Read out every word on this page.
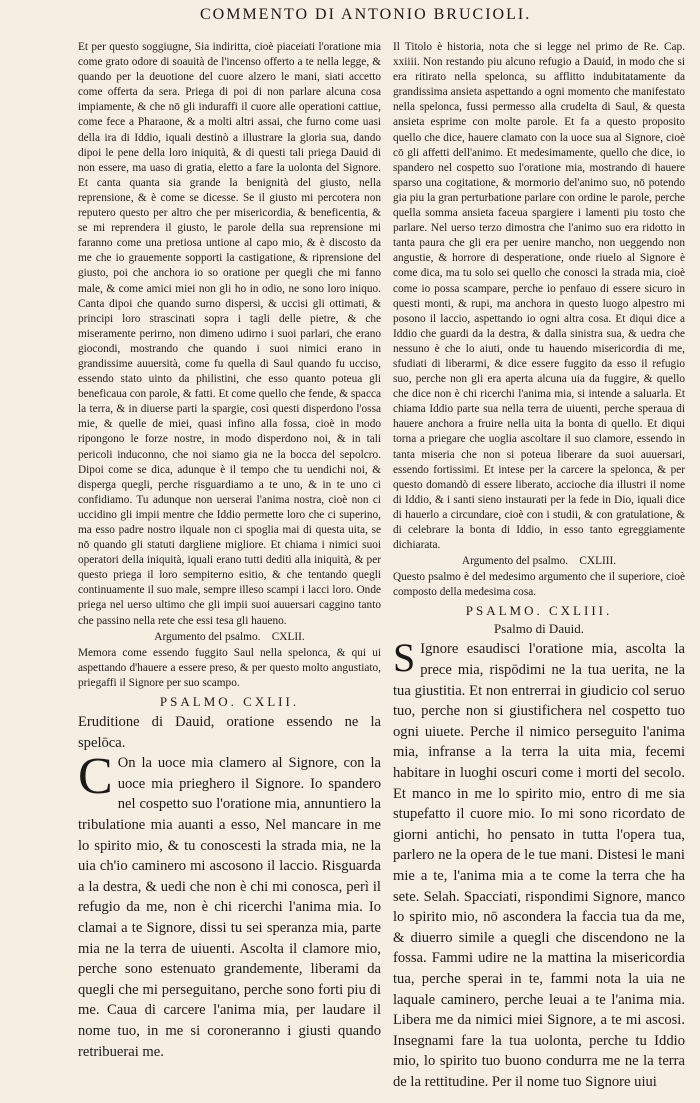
COMMENTO DI ANTONIO BRUCIOLI.

Et per questo soggiugne, Sia indiritta, cioè piaceiati l'oratione mia come grato odore di soauità de l'incenso offerto a te nella legge, & quando per la deuotione del cuore alzero le mani, siati accetto come offerta da sera. Priega di poi di non parlare alcuna cosa impiamente, & che nō gli induraffi il cuore alle operationi cattiue, come fece a Pharaone, & a molti altri assai, che furno come uasi della ira di Iddio, iquali destinò a illustrare la gloria sua, dando dipoi le pene della loro iniquità, & di questi tali priega Dauid di non essere, ma uaso di gratia, eletto a fare la uolonta del Signore. Et canta quanta sia grande la benignità del giusto, nella reprensione, & è come se dicesse. Se il giusto mi percotera non reputero questo per altro che per misericordia, & beneficentia, & se mi reprendera il giusto, le parole della sua reprensione mi faranno come una pretiosa untione al capo mio, & è discosto da me che io grauemente sopporti la castigatione, & riprensione del giusto, poi che anchora io so oratione per quegli che mi fanno male, & come amici miei non gli ho in odio, ne sono loro iniquo. Canta dipoi che quando surno dispersi, & uccisi gli ottimati, & principi loro strascinati sopra i tagli delle pietre, & che miseramente perirno, non dimeno udirno i suoi parlari, che erano giocondi, mostrando che quando i suoi nimici erano in grandissime auuersità, come fu quella di Saul quando fu ucciso, essendo stato uinto da philistini, che esso quanto poteua gli beneficaua con parole, & fatti. Et come quello che fende, & spacca la terra, & in diuerse parti la spargie, così questi disperdono l'ossa mie, & quelle de miei, quasi infino alla fossa, cioè in modo ripongono le forze nostre, in modo disperdono noi, & in tali pericoli induconno, che noi siamo gia ne la bocca del sepolcro. Dipoi come se dica, adunque è il tempo che tu uendichi noi, & disperga quegli, perche risguardiamo a te uno, & in te uno ci confidiamo. Tu adunque non uerserai l'anima nostra, cioè non ci uccidino gli impii mentre che Iddio permette loro che ci superino, ma esso padre nostro ilquale non ci spoglia mai di questa uita, se nō quando gli statuti dargliene migliore. Et chiama i nimici suoi operatori della iniquità, iquali erano tutti deditì alla iniquità, & per questo priega il loro sempiterno esitio, & che tentando quegli continuamente il suo male, sempre illeso scampi i lacci loro. Onde priega nel uerso ultimo che gli impii suoi auuersari caggino tanto che passino nella rete che essi tesa gli haueno.

Argumento del psalmo. CXLII.

Memora come essendo fuggito Saul nella spelonca, & qui ui aspettando d'hauere a essere preso, & per questo molto angustiato, priegaffi il Signore per suo scampo.

PSALMO. CXLII.

Eruditione di Dauid, oratione essendo ne la spelōca.

C On la uoce mia clamero al Signore, con la uoce mia prieghero il Signore. Io spandero nel cospetto suo l'oratione mia, annuntiero la tribulatione mia auanti a esso, Nel mancare in me lo spirito mio, & tu conoscesti la strada mia, ne la uia ch'io caminero mi ascosono il laccio. Risguarda a la destra, & uedi che non è chi mi conosca, perì il refugio da me, non è chi ricerchi l'anima mia. Io clamai a te Signore, dissi tu sei speranza mia, parte mia ne la terra de uiuenti. Ascolta il clamore mio, perche sono estenuato grandemente, liberami da quegli che mi perseguitano, perche sono forti piu di me. Caua di carcere l'anima mia, per laudare il nome tuo, in me si coroneranno i giusti quando retribuerai me.

Il Titolo è historia, nota che si legge nel primo de Re. Cap. xxiiii. Non restando piu alcuno refugio a Dauid, in modo che si era ritirato nella spelonca, su afflitto indubitatamente da grandissima ansieta aspettando a ogni momento che manifestato nella spelonca, fussi permesso alla crudelta di Saul, & questa ansieta esprime con molte parole. Et fa a questo proposito quello che dice, hauere clamato con la uoce sua al Signore, cioè cō gli affetti dell'animo. Et medesimamente, quello che dice, io spandero nel cospetto suo l'oratione mia, mostrando di hauere sparso una cogitatione, & mormorio del'animo suo, nō potendo gia piu la gran perturbatione parlare con ordine le parole, perche quella somma ansieta faceua spargiere i lamenti piu tosto che parlare. Nel uerso terzo dimostra che l'animo suo era ridotto in tanta paura che gli era per uenire mancho, non ueggendo non angustie, & horrore di desperatione, onde riuelo al Signore è come dica, ma tu solo sei quello che conosci la strada mia, cioè come io possa scampare, perche io penfauo di essere sicuro in questi monti, & rupi, ma anchora in questo luogo alpestro mi posono il laccio, aspettando io ogni altra cosa. Et diqui dice a Iddio che guardi da la destra, & dalla sinistra sua, & uedra che nessuno è che lo aiuti, onde tu hauendo misericordia di me, sfudiati di liberarmi, & dice essere fuggito da esso il refugio suo, perche non gli era aperta alcuna uia da fuggire, & quello che dice non è chi ricerchi l'anima mia, si intende a saluarla. Et chiama Iddio parte sua nella terra de uiuenti, perche speraua di hauere anchora a fruire nella uita la bonta di quello. Et diqui torna a priegare che uoglia ascoltare il suo clamore, essendo in tanta miseria che non si poteua liberare da suoi auuersari, essendo fortissimi. Et intese per la carcere la spelonca, & per questo domandò di essere liberato, accioche dia illustri il nome di Iddio, & i santi sieno instaurati per la fede in Dio, iquali dice di hauerlo a circundare, cioè con i studii, & con gratulatione, & di celebrare la bonta di Iddio, in esso tanto egreggiamente dichiarata.

Argumento del psalmo. CXLIII.

Questo psalmo è del medesimo argumento che il superiore, cioè composto della medesima cosa.

PSALMO. CXLIII.

Psalmo di Dauid.

S Ignore esaudisci l'oratione mia, ascolta la prece mia, rispōdimi ne la tua uerita, ne la tua giustitia. Et non entrerrai in giudicio col seruo tuo, perche non si giustifichera nel cospetto tuo ogni uiuete. Perche il nimico perseguito l'anima mia, infranse a la terra la uita mia, fecemi habitare in luoghi oscuri come i morti del secolo. Et manco in me lo spirito mio, entro di me sia stupefatto il cuore mio. Io mi sono ricordato de giorni antichi, ho pensato in tutta l'opera tua, parlero ne la opera de le tue mani. Distesi le mani mie a te, l'anima mia a te come la terra che ha sete. Selah. Spacciati, rispondimi Signore, manco lo spirito mio, nō ascondera la faccia tua da me, & diuerro simile a quegli che discendono ne la fossa. Fammi udire ne la mattina la misericordia tua, perche sperai in te, fammi nota la uia ne laquale caminero, perche leuai a te l'anima mia. Libera me da nimici miei Signore, a te mi ascosi. Insegnami fare la tua uolonta, perche tu Iddio mio, lo spirito tuo buono condurra me ne la terra de la rettitudine. Per il nome tuo Signore uiui
